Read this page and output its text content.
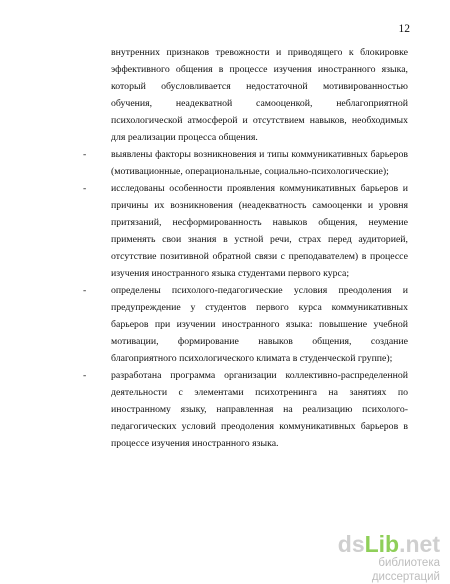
12

внутренних признаков тревожности и приводящего к блокировке эффективного общения в процессе изучения иностранного языка, который обусловливается недостаточной мотивированностью обучения, неадекватной самооценкой, неблагоприятной психологической атмосферой и отсутствием навыков, необходимых для реализации процесса общения.

-	выявлены факторы возникновения и типы коммуникативных барьеров (мотивационные, операциональные, социально-психологические);

-	исследованы особенности проявления коммуникативных барьеров и причины их возникновения (неадекватность самооценки и уровня притязаний, несформированность навыков общения, неумение применять свои знания в устной речи, страх перед аудиторией, отсутствие позитивной обратной связи с преподавателем) в процессе изучения иностранного языка студентами первого курса;

-	определены психолого-педагогические условия преодоления и предупреждение у студентов первого курса коммуникативных барьеров при изучении иностранного языка: повышение учебной мотивации, формирование навыков общения, создание благоприятного психологического климата в студенческой группе);

-	разработана программа организации коллективно-распределенной деятельности с элементами психотренинга на занятиях по иностранному языку, направленная на реализацию психолого-педагогических условий преодоления коммуникативных барьеров в процессе изучения иностранного языка.

dsLib.net
библиотека диссертаций
